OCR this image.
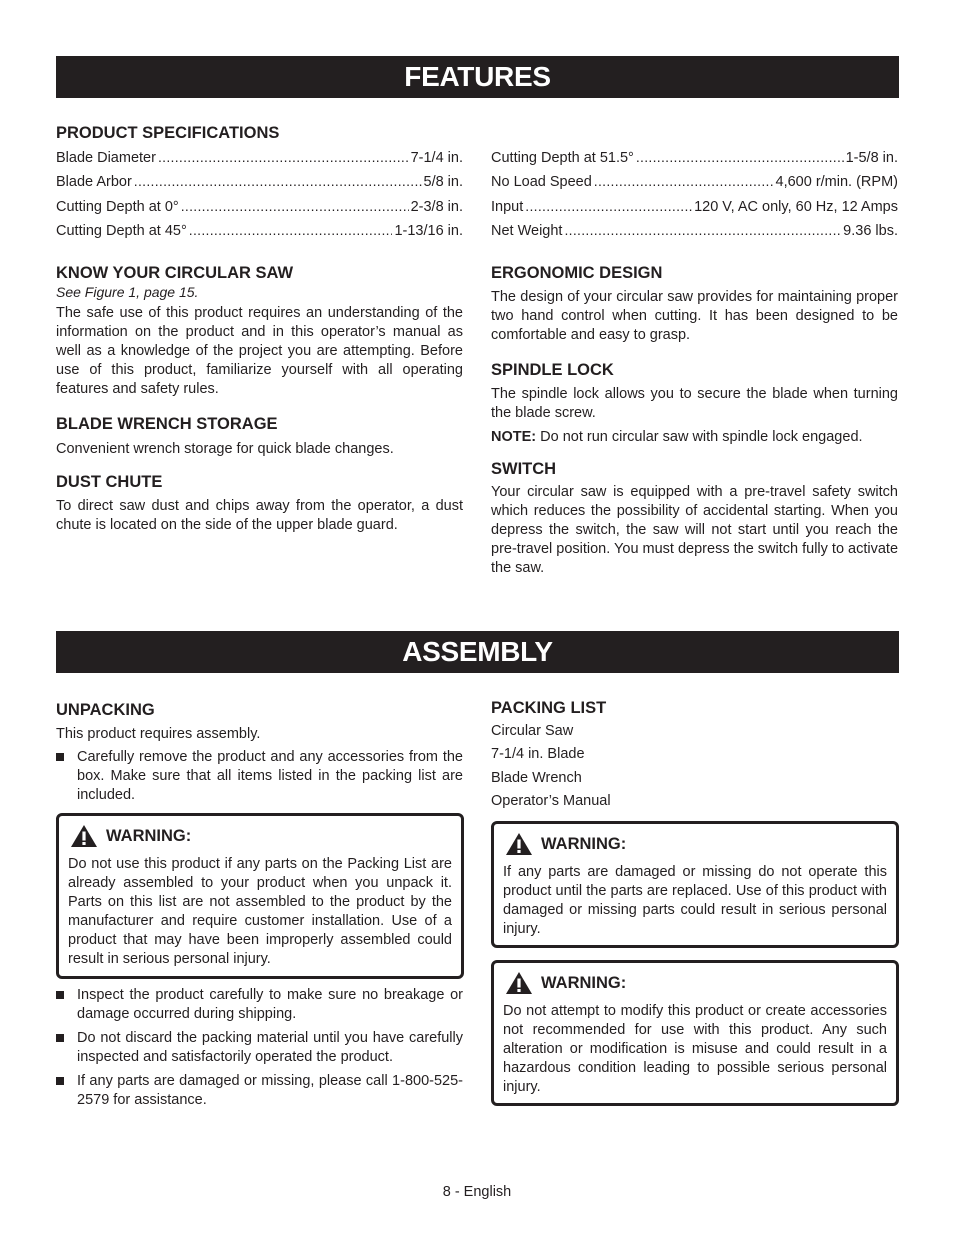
FEATURES
PRODUCT SPECIFICATIONS
Blade Diameter .....	7-1/4 in.
Blade Arbor .....	5/8 in.
Cutting Depth at 0° .....	2-3/8 in.
Cutting Depth at 45° .....	1-13/16 in.
KNOW YOUR CIRCULAR SAW

See Figure 1, page 15.

The safe use of this product requires an understanding of the information on the product and in this operator’s manual as well as a knowledge of the project you are attempting. Before use of this product, familiarize yourself with all operating features and safety rules.

BLADE WRENCH STORAGE

Convenient wrench storage for quick blade changes.

DUST CHUTE

To direct saw dust and chips away from the operator, a dust chute is located on the side of the upper blade guard.

Cutting Depth at 51.5° .....	1-5/8 in.
No Load Speed .....	4,600 r/min. (RPM)
Input .....	120 V, AC only, 60 Hz, 12 Amps
Net Weight .....	9.36 lbs.
ERGONOMIC DESIGN

The design of your circular saw provides for maintaining proper two hand control when cutting. It has been designed to be comfortable and easy to grasp.

SPINDLE LOCK

The spindle lock allows you to secure the blade when turning the blade screw.

NOTE: Do not run circular saw with spindle lock engaged.

SWITCH

Your circular saw is equipped with a pre-travel safety switch which reduces the possibility of accidental starting. When you depress the switch, the saw will not start until you reach the pre-travel position. You must depress the switch fully to activate the saw.

ASSEMBLY
UNPACKING

This product requires assembly.

Carefully remove the product and any accessories from the box. Make sure that all items listed in the packing list are included.
WARNING:

Do not use this product if any parts on the Packing List are already assembled to your product when you unpack it. Parts on this list are not assembled to the product by the manufacturer and require customer installation. Use of a product that may have been improperly assembled could result in serious personal injury.

Inspect the product carefully to make sure no breakage or damage occurred during shipping.
Do not discard the packing material until you have carefully inspected and satisfactorily operated the product.
If any parts are damaged or missing, please call 1-800-525-2579 for assistance.
PACKING LIST
Circular Saw
7-1/4 in. Blade
Blade Wrench
Operator’s Manual
WARNING:

If any parts are damaged or missing do not operate this product until the parts are replaced. Use of this product with damaged or missing parts could result in serious personal injury.

WARNING:

Do not attempt to modify this product or create accessories not recommended for use with this product. Any such alteration or modification is misuse and could result in a hazardous condition leading to possible serious personal injury.

8 - English
